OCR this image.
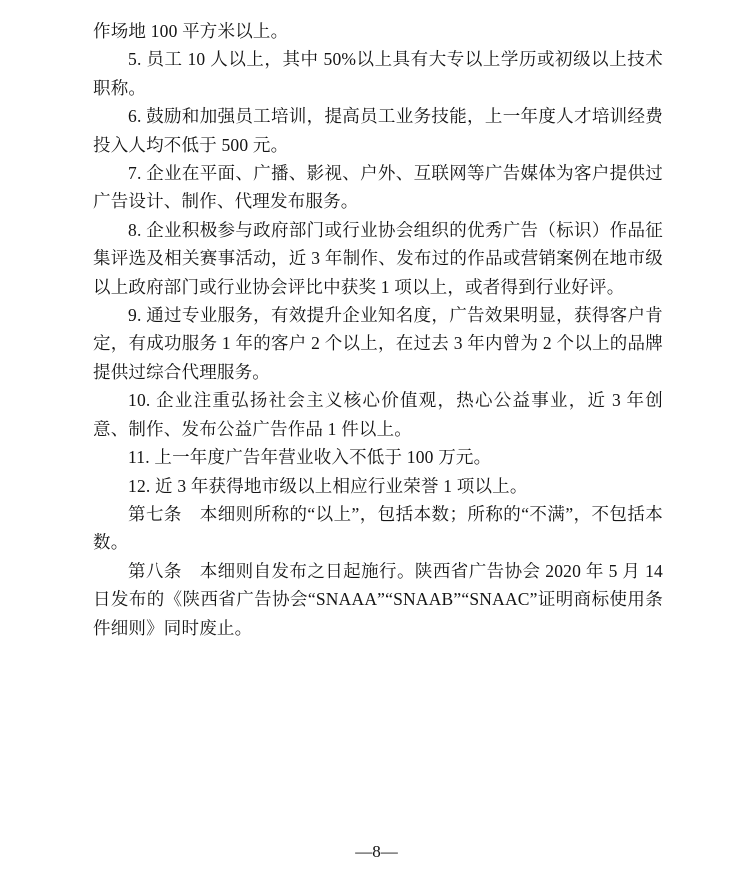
作场地 100 平方米以上。

5. 员工 10 人以上，其中 50%以上具有大专以上学历或初级以上技术职称。

6. 鼓励和加强员工培训，提高员工业务技能，上一年度人才培训经费投入人均不低于 500 元。

7. 企业在平面、广播、影视、户外、互联网等广告媒体为客户提供过广告设计、制作、代理发布服务。

8. 企业积极参与政府部门或行业协会组织的优秀广告（标识）作品征集评选及相关赛事活动，近 3 年制作、发布过的作品或营销案例在地市级以上政府部门或行业协会评比中获奖 1 项以上，或者得到行业好评。

9. 通过专业服务，有效提升企业知名度，广告效果明显，获得客户肯定，有成功服务 1 年的客户 2 个以上，在过去 3 年内曾为 2 个以上的品牌提供过综合代理服务。

10. 企业注重弘扬社会主义核心价值观，热心公益事业，近 3 年创意、制作、发布公益广告作品 1 件以上。

11. 上一年度广告年营业收入不低于 100 万元。

12. 近 3 年获得地市级以上相应行业荣誉 1 项以上。

第七条　本细则所称的“以上”，包括本数；所称的“不满”，不包括本数。

第八条　本细则自发布之日起施行。陕西省广告协会 2020 年 5 月 14 日发布的《陕西省广告协会“SNAAA”“SNAAB”“SNAAC”证明商标使用条件细则》同时废止。

—8—
